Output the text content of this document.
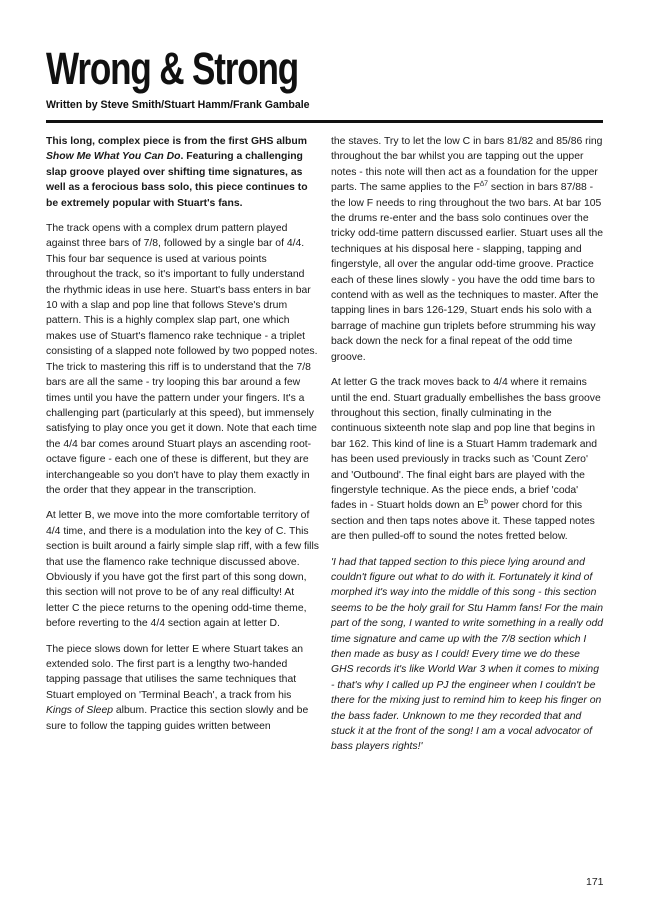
Wrong & Strong
Written by Steve Smith/Stuart Hamm/Frank Gambale

This long, complex piece is from the first GHS album Show Me What You Can Do. Featuring a challenging slap groove played over shifting time signatures, as well as a ferocious bass solo, this piece continues to be extremely popular with Stuart's fans.

The track opens with a complex drum pattern played against three bars of 7/8, followed by a single bar of 4/4. This four bar sequence is used at various points throughout the track, so it's important to fully understand the rhythmic ideas in use here. Stuart's bass enters in bar 10 with a slap and pop line that follows Steve's drum pattern. This is a highly complex slap part, one which makes use of Stuart's flamenco rake technique - a triplet consisting of a slapped note followed by two popped notes. The trick to mastering this riff is to understand that the 7/8 bars are all the same - try looping this bar around a few times until you have the pattern under your fingers. It's a challenging part (particularly at this speed), but immensely satisfying to play once you get it down. Note that each time the 4/4 bar comes around Stuart plays an ascending root-octave figure - each one of these is different, but they are interchangeable so you don't have to play them exactly in the order that they appear in the transcription.

At letter B, we move into the more comfortable territory of 4/4 time, and there is a modulation into the key of C. This section is built around a fairly simple slap riff, with a few fills that use the flamenco rake technique discussed above. Obviously if you have got the first part of this song down, this section will not prove to be of any real difficulty! At letter C the piece returns to the opening odd-time theme, before reverting to the 4/4 section again at letter D.

The piece slows down for letter E where Stuart takes an extended solo. The first part is a lengthy two-handed tapping passage that utilises the same techniques that Stuart employed on 'Terminal Beach', a track from his Kings of Sleep album. Practice this section slowly and be sure to follow the tapping guides written between

the staves. Try to let the low C in bars 81/82 and 85/86 ring throughout the bar whilst you are tapping out the upper notes - this note will then act as a foundation for the upper parts. The same applies to the $F^{\Delta 7}$ section in bars 87/88 - the low F needs to ring throughout the two bars. At bar 105 the drums re-enter and the bass solo continues over the tricky odd-time pattern discussed earlier. Stuart uses all the techniques at his disposal here - slapping, tapping and fingerstyle, all over the angular odd-time groove. Practice each of these lines slowly - you have the odd time bars to contend with as well as the techniques to master. After the tapping lines in bars 126-129, Stuart ends his solo with a barrage of machine gun triplets before strumming his way back down the neck for a final repeat of the odd time groove.

At letter G the track moves back to 4/4 where it remains until the end. Stuart gradually embellishes the bass groove throughout this section, finally culminating in the continuous sixteenth note slap and pop line that begins in bar 162. This kind of line is a Stuart Hamm trademark and has been used previously in tracks such as 'Count Zero' and 'Outbound'. The final eight bars are played with the fingerstyle technique. As the piece ends, a brief 'coda' fades in - Stuart holds down an $E^b$ power chord for this section and then taps notes above it. These tapped notes are then pulled-off to sound the notes fretted below.

'I had that tapped section to this piece lying around and couldn't figure out what to do with it. Fortunately it kind of morphed it's way into the middle of this song - this section seems to be the holy grail for Stu Hamm fans! For the main part of the song, I wanted to write something in a really odd time signature and came up with the 7/8 section which I then made as busy as I could! Every time we do these GHS records it's like World War 3 when it comes to mixing - that's why I called up PJ the engineer when I couldn't be there for the mixing just to remind him to keep his finger on the bass fader. Unknown to me they recorded that and stuck it at the front of the song! I am a vocal advocator of bass players rights!'

171
